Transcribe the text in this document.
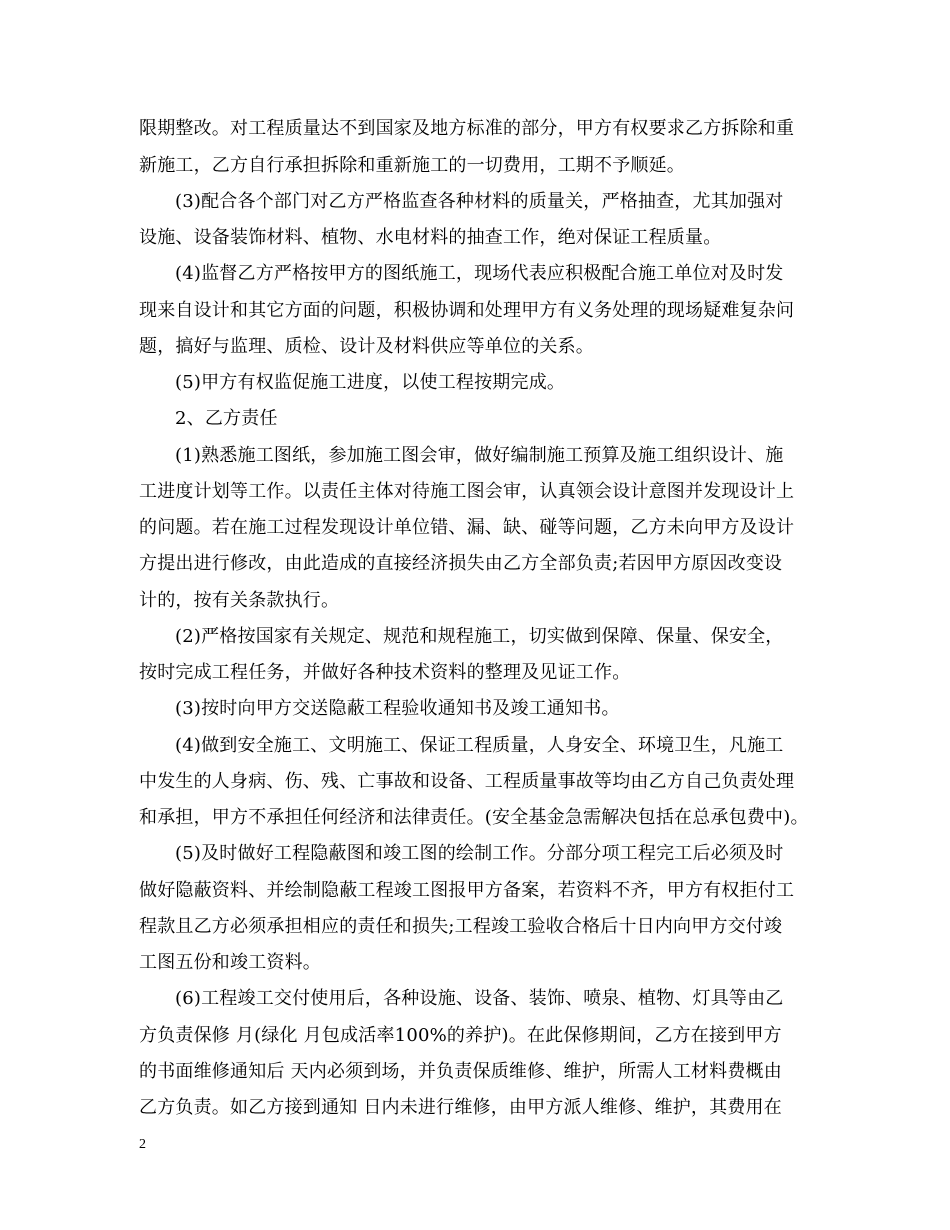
限期整改。对工程质量达不到国家及地方标准的部分，甲方有权要求乙方拆除和重
新施工，乙方自行承担拆除和重新施工的一切费用，工期不予顺延。
(3)配合各个部门对乙方严格监查各种材料的质量关，严格抽查，尤其加强对
设施、设备装饰材料、植物、水电材料的抽查工作，绝对保证工程质量。
(4)监督乙方严格按甲方的图纸施工，现场代表应积极配合施工单位对及时发
现来自设计和其它方面的问题，积极协调和处理甲方有义务处理的现场疑难复杂问
题，搞好与监理、质检、设计及材料供应等单位的关系。
(5)甲方有权监促施工进度，以使工程按期完成。
2、乙方责任
(1)熟悉施工图纸，参加施工图会审，做好编制施工预算及施工组织设计、施
工进度计划等工作。以责任主体对待施工图会审，认真领会设计意图并发现设计上
的问题。若在施工过程发现设计单位错、漏、缺、碰等问题，乙方未向甲方及设计
方提出进行修改，由此造成的直接经济损失由乙方全部负责;若因甲方原因改变设
计的，按有关条款执行。
(2)严格按国家有关规定、规范和规程施工，切实做到保障、保量、保安全，
按时完成工程任务，并做好各种技术资料的整理及见证工作。
(3)按时向甲方交送隐蔽工程验收通知书及竣工通知书。
(4)做到安全施工、文明施工、保证工程质量，人身安全、环境卫生，凡施工
中发生的人身病、伤、残、亡事故和设备、工程质量事故等均由乙方自己负责处理
和承担，甲方不承担任何经济和法律责任。(安全基金急需解决包括在总承包费中)。
(5)及时做好工程隐蔽图和竣工图的绘制工作。分部分项工程完工后必须及时
做好隐蔽资料、并绘制隐蔽工程竣工图报甲方备案，若资料不齐，甲方有权拒付工
程款且乙方必须承担相应的责任和损失;工程竣工验收合格后十日内向甲方交付竣
工图五份和竣工资料。
(6)工程竣工交付使用后，各种设施、设备、装饰、喷泉、植物、灯具等由乙
方负责保修 月(绿化 月包成活率100%的养护)。在此保修期间，乙方在接到甲方
的书面维修通知后 天内必须到场，并负责保质维修、维护，所需人工材料费概由
乙方负责。如乙方接到通知 日内未进行维修，由甲方派人维修、维护，其费用在
2
